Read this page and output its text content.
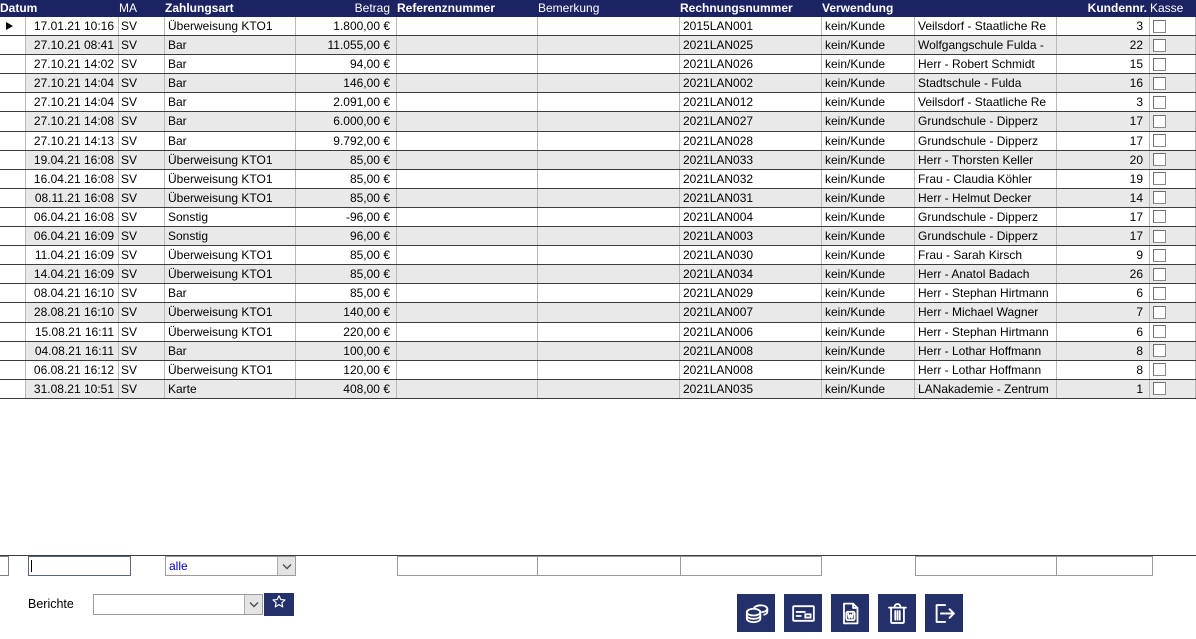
Datum	MA	Zahlungsart	Betrag Referenznummer	Bemerkung	Rechnungsnummer	Verwendung	Kundennr. Kasse
17.01.21 10:16 SV	Überweisung KTO1	1.800,00 €	2015LAN001	kein/Kunde	Veilsdorf - Staatliche Re	3
27.10.21 08:41 SV	Bar	11.055,00 €	2021LAN025	kein/Kunde	Wolfgangschule Fulda -	22
27.10.21 14:02 SV	Bar	94,00 €	2021LAN026	kein/Kunde	Herr - Robert Schmidt	15
27.10.21 14:04 SV	Bar	146,00 €	2021LAN002	kein/Kunde	Stadtschule - Fulda	16
27.10.21 14:04 SV	Bar	2.091,00 €	2021LAN012	kein/Kunde	Veilsdorf - Staatliche Re	3
27.10.21 14:08 SV	Bar	6.000,00 €	2021LAN027	kein/Kunde	Grundschule - Dipperz	17
27.10.21 14:13 SV	Bar	9.792,00 €	2021LAN028	kein/Kunde	Grundschule - Dipperz	17
19.04.21 16:08 SV	Überweisung KTO1	85,00 €	2021LAN033	kein/Kunde	Herr - Thorsten Keller	20
16.04.21 16:08 SV	Überweisung KTO1	85,00 €	2021LAN032	kein/Kunde	Frau - Claudia Köhler	19
08.11.21 16:08 SV	Überweisung KTO1	85,00 €	2021LAN031	kein/Kunde	Herr - Helmut Decker	14
06.04.21 16:08 SV	Sonstig	-96,00 €	2021LAN004	kein/Kunde	Grundschule - Dipperz	17
06.04.21 16:09 SV	Sonstig	96,00 €	2021LAN003	kein/Kunde	Grundschule - Dipperz	17
11.04.21 16:09 SV	Überweisung KTO1	85,00 €	2021LAN030	kein/Kunde	Frau - Sarah Kirsch	9
14.04.21 16:09 SV	Überweisung KTO1	85,00 €	2021LAN034	kein/Kunde	Herr - Anatol Badach	26
08.04.21 16:10 SV	Bar	85,00 €	2021LAN029	kein/Kunde	Herr - Stephan Hirtmann	6
28.08.21 16:10 SV	Überweisung KTO1	140,00 €	2021LAN007	kein/Kunde	Herr - Michael Wagner	7
15.08.21 16:11 SV	Überweisung KTO1	220,00 €	2021LAN006	kein/Kunde	Herr - Stephan Hirtmann	6
04.08.21 16:11 SV	Bar	100,00 €	2021LAN008	kein/Kunde	Herr - Lothar Hoffmann	8
06.08.21 16:12 SV	Überweisung KTO1	120,00 €	2021LAN008	kein/Kunde	Herr - Lothar Hoffmann	8
31.08.21 10:51 SV	Karte	408,00 €	2021LAN035	kein/Kunde	LANakademie - Zentrum	1
alle
Berichte
